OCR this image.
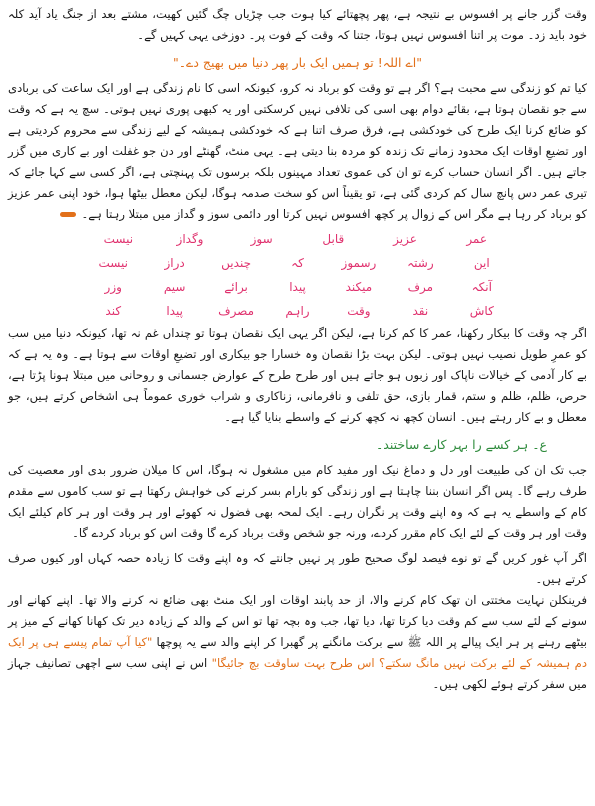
وقت گزر جانے پر افسوس بے نتیجہ ہے، پھر پچھتائے کیا ہوت جب چڑیاں چگ گئیں کھیت، مشتے بعد از جنگ یاد آید کلہ خود باید زد۔ موت پر اتنا افسوس نہیں ہوتا، جتنا کہ وقت کے فوت پر۔ دوزخی یہی کہیں گے۔

"اے اللہ! تو ہمیں ایک بار پھر دنیا میں بھیج دے۔"

کیا تم کو زندگی سے محبت ہے؟ اگر ہے تو وقت کو برباد نہ کرو، کیونکہ اسی کا نام زندگی ہے اور ایک ساعت کی بربادی سے جو نقصان ہوتا ہے، بقائے دوام بھی اسی کی تلافی نہیں کرسکتی اور یہ کبھی پوری نہیں ہوتی۔ سچ یہ ہے کہ وقت کو ضائع کرنا ایک طرح کی خودکشی ہے، فرق صرف اتنا ہے کہ خودکشی ہمیشہ کے لیے زندگی سے محروم کردیتی ہے اور تضیعِ اوقات ایک محدود زمانے تک زندہ کو مردہ بنا دیتی ہے۔ یہی منٹ، گھنٹے اور دن جو غفلت اور بے کاری میں گزر جاتے ہیں۔ اگر انسان حساب کرے تو ان کی عموی تعداد مہینوں بلکہ برسوں تک پہنچتی ہے، اگر کسی سے کہا جائے کہ تیری عمر دس پانچ سال کم کردی گئی ہے، تو یقیناً اس کو سخت صدمہ ہوگا، لیکن معطل بیٹھا ہوا، خود اپنی عمر عزیز کو برباد کر رہا ہے مگر اس کے زوال پر کچھ افسوس نہیں کرتا اور دائمی سوز و گداز میں مبتلا رہتا ہے۔

عمر
عزیز
قابل
سوز
وگداز
نیست
این
رشتہ
رسموز
کہ
چندیں
دراز
نیست
آنکہ
مرف
میکند
پیدا
برائے
سیم
وزر
کاش
نقد
وقت
راہم
مصرف
پیدا
کند

اگر چہ وقت کا بیکار رکھنا، عمر کا کم کرنا ہے، لیکن اگر یہی ایک نقصان ہوتا تو چنداں غم نہ تھا، کیونکہ دنیا میں سب کو عمرِ طویل نصیب نہیں ہوتی۔ لیکن بہت بڑا نقصان وہ خسارا جو بیکاری اور تضیعِ اوقات سے ہوتا ہے۔ وہ یہ ہے کہ بے کار آدمی کے خیالات ناپاک اور زبوں ہو جاتے ہیں اور طرح طرح کے عوارض جسمانی و روحانی میں مبتلا ہونا پڑتا ہے، حرص، ظلم، ظلم و ستم، قمار بازی، حق تلفی و نافرمانی، زناکاری و شراب خوری عموماً ہی اشخاص کرتے ہیں، جو معطل و بے کار رہتے ہیں۔ انسان کچھ نہ کچھ کرنے کے واسطے بنایا گیا ہے۔

ع۔ ہر کسے را بہر کارے ساختند۔

جب تک ان کی طبیعت اور دل و دماغ نیک اور مفید کام میں مشغول نہ ہوگا، اس کا میلان ضرور بدی اور معصیت کی طرف رہے گا۔ پس اگر انسان بننا چاہتا ہے اور زندگی کو بارام بسر کرنے کی خواہش رکھتا ہے تو سب کاموں سے مقدم کام کے واسطے یہ ہے کہ وہ اپنے وقت پر نگران رہے۔ ایک لمحہ بھی فضول نہ کھوئے اور ہر وقت اور ہر کام کیلئے ایک وقت اور ہر وقت کے لئے ایک کام مقرر کردے، ورنہ جو شخص وقت برباد کرے گا وقت اس کو برباد کردے گا۔

اگر آپ غور کریں گے تو نوے فیصد لوگ صحیح طور پر نہیں جانتے کہ وہ اپنے وقت کا زیادہ حصہ کہاں اور کیوں صرف کرتے ہیں۔

فرینکلن نہایت مختتی ان تھک کام کرنے والا، از حد پابند اوقات اور ایک منٹ بھی ضائع نہ کرنے والا تھا۔ اپنے کھانے اور سونے کے لئے سب سے کم وقت دیا کرتا تھا، دیا تھا، جب وہ بچہ تھا تو اس کے والد کے زیادہ دیر تک کھانا کھانے کے میز پر بیٹھے رہنے پر ہر ایک پیالے پر اللہ ﷺ سے برکت مانگنے پر گھبرا کر اپنے والد سے یہ پوچھا "کیا آپ تمام پیسے ہی پر ایک دم ہمیشہ کے لئے برکت نہیں مانگ سکتے؟ اس طرح بہت ساوقت بچ جائیگا" اس نے اپنی سب سے اچھی تصانیف جہاز میں سفر کرتے ہوئے لکھی ہیں۔
